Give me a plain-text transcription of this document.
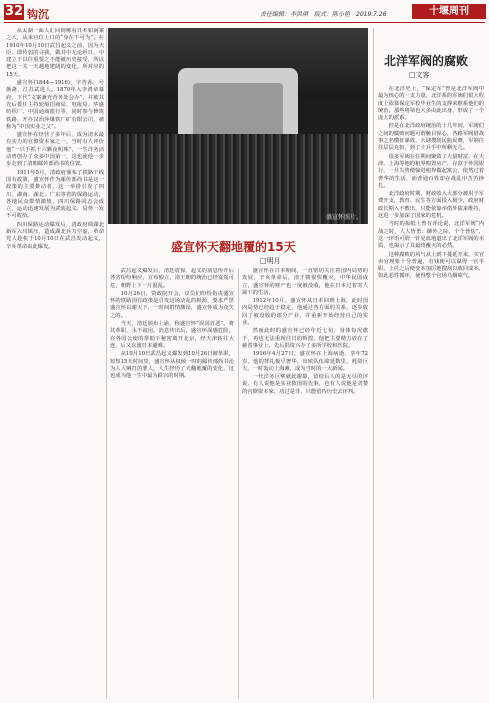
32 钩沉	责任编辑：李洪琪　版式：陈小艳　2019.7.26	十堰周刊

从太湖一面人汇回到嗦看日本如南案之大，从来官位上日的“身在不可为”，在1910年10月10日武昌起义之前，因为大臣，即传弱的寻我，做其中无论坦日，中建立于以往重要之不能被历史接受，所以把这一关一天越地建阔的变化，所对应的15天。

盛宣怀(1844—1916)，字杏荪，号愚斋，江苏武进人。1870年入李鸿章幕府，下代“文案兼充营务处会办”，并被其先后委任主持轮船招商局、电报局、华盛纺织厂、中国通商银行等，同时参与修筑铁路、开办汉冶萍煤铁厂矿有限公司，被称为“中国实业之父”。

盛宣怀在经营了多年后，成为清末最有实力的官僚资本家之一，当时有人评价他“一只手抓十六颗夜明珠”，一生洋务活动曾创办了众多中国第一，这也使他一步步走到了清朝邮传部尚书的位置。

1911年5月，清政府颁布了铁路干线国有政策，盛宣怀作为邮传部尚书是这一政策的主要推动者，这一举措引发了四川、湖南、湖北、广东等省的保路运动，各地民众群情激愤，四川保路同志会成立，运动迅速发展为武装起义，局势一发不可收拾。

四川保路运动爆发后，清政府调湖北新军入川镇压，造成湖北兵力空虚，革命党人趁机于10月10日在武昌发动起义，辛亥革命由此爆发。

盛宣怀照片。
盛宣怀天翻地覆的15天
□明月

武昌起义爆发后，清廷震惊，起义的消息传开后各省纷纷响应，宣布独立，清王朝的统治已经岌岌可危，朝野上下一片混乱。

10月26日，资政院开会，议员们纷纷指责盛宣怀的铁路国有政策是引发这场动乱的根源，要求严惩盛宣怀以谢天下，一时间群情激昂，盛宣怀成为众矢之的。

当天，清廷颁布上谕，称盛宣怀“误国首恶”，将其革职，永不叙用。消息传出后，盛宣怀深感危险，在各国公使的帮助下秘密离开北京，经天津转往大连，后又东渡日本避难。

从10月10日武昌起义爆发到10月26日被革职，短短15天时间里，盛宣怀从权倾一时的邮传部尚书沦为人人喊打的罪人，人生经历了天翻地覆的变化，这也成为他一生中最为跌宕的时期。

盛宣怀在日本期间，一直密切关注着国内局势的发展，辛亥革命后，清王朝很快覆灭，中华民国成立，盛宣怀的财产也一度被没收，他在日本过着寄人篱下的生活。

1912年10月，盛宣怀从日本回到上海，此时国内局势已经趋于稳定，他通过各方面的关系，逐步收回了被没收的部分产业，并重新开始经营自己的实业。

然而此时的盛宣怀已经年近七旬，身体每况愈下，再也无法重现往日的辉煌，他把主要精力放在了慈善事业上，先后捐资兴办了多所学校和医院。

1916年4月27日，盛宣怀在上海病逝，享年72岁。他的葬礼极尽奢华，出殡队伍绵延数里，耗资巨大，一时轰动上海滩，成为当时的一大新闻。

一代洋务巨擘就此谢幕，留给后人的是无尽的评说，有人说他是实业救国的先驱，也有人说他是贪婪的官僚资本家，功过是非，只能留待历史去评判。

北洋军阀的腐败
□文客

在北洋史上，“保定军”曾是北洋军阀中最为核心的一支力量，北洋系的军阀们很大程度上依靠保定军校毕业生的支撑来维系他们的统治，那些将领也大多由此出身，形成了一个庞大的派系。

但是在北洋政府统治的十几年间，军阀们之间的腐败问题可谓触目惊心，各路军阀借战事之名横征暴敛，大肆搜刮民脂民膏，军饷往往层层克扣，到了士兵手中所剩无几。

很多军阀在任期间聚敛了大量财富，在天津、上海等地的租界购置房产，存款于外国银行，一旦失势便躲进租界做起寓公，依然过着奢华的生活，而普通百姓却在战乱中苦苦挣扎。

北洋政府时期，财政收入大部分被用于军费开支，教育、民生等方面投入极少，政府财政长期入不敷出，只能依靠举借外债来维持，这进一步加深了国家的危机。

当时的报纸上曾有评论说，北洋军阀“内战之时，人人皆勇；御外之际，个个皆怯”，这一评语可谓一针见血地道出了北洋军阀的本质，也揭示了其最终覆灭的必然。

这种腐败的风气从上到下蔓延开来，买官卖官现象十分普遍，有钱便可以谋得一官半职，上任之后便变本加厉地搜刮以收回成本，如此恶性循环，使得整个官场乌烟瘴气。
